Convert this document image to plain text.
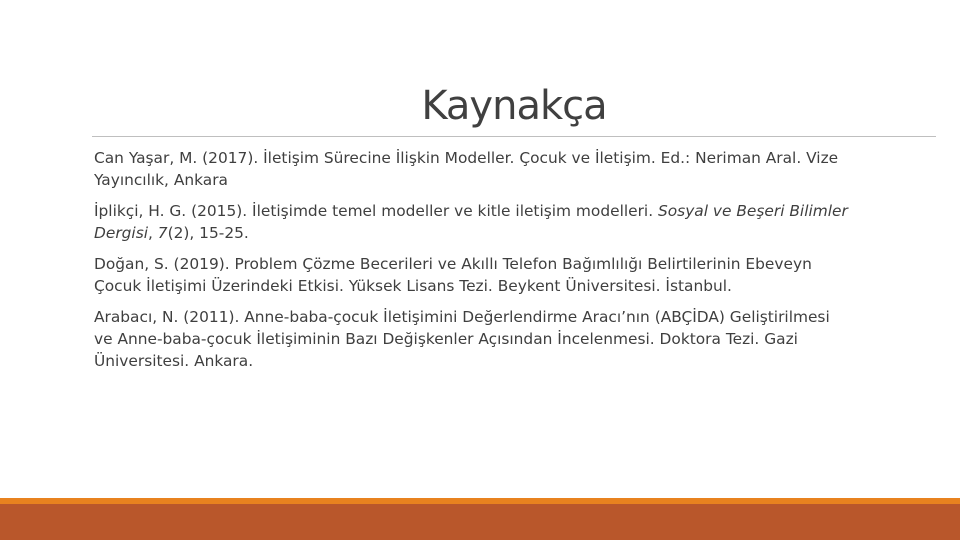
Kaynakça

Can Yaşar, M. (2017). İletişim Sürecine İlişkin Modeller. Çocuk ve İletişim. Ed.: Neriman Aral. Vize
Yayıncılık, Ankara

İplikçi, H. G. (2015). İletişimde temel modeller ve kitle iletişim modelleri. Sosyal ve Beşeri Bilimler
Dergisi, 7(2), 15-25.

Doğan, S. (2019). Problem Çözme Becerileri ve Akıllı Telefon Bağımlılığı Belirtilerinin Ebeveyn
Çocuk İletişimi Üzerindeki Etkisi. Yüksek Lisans Tezi. Beykent Üniversitesi. İstanbul.

Arabacı, N. (2011). Anne-baba-çocuk İletişimini Değerlendirme Aracı’nın (ABÇİDA) Geliştirilmesi
ve Anne-baba-çocuk İletişiminin Bazı Değişkenler Açısından İncelenmesi. Doktora Tezi. Gazi
Üniversitesi. Ankara.
